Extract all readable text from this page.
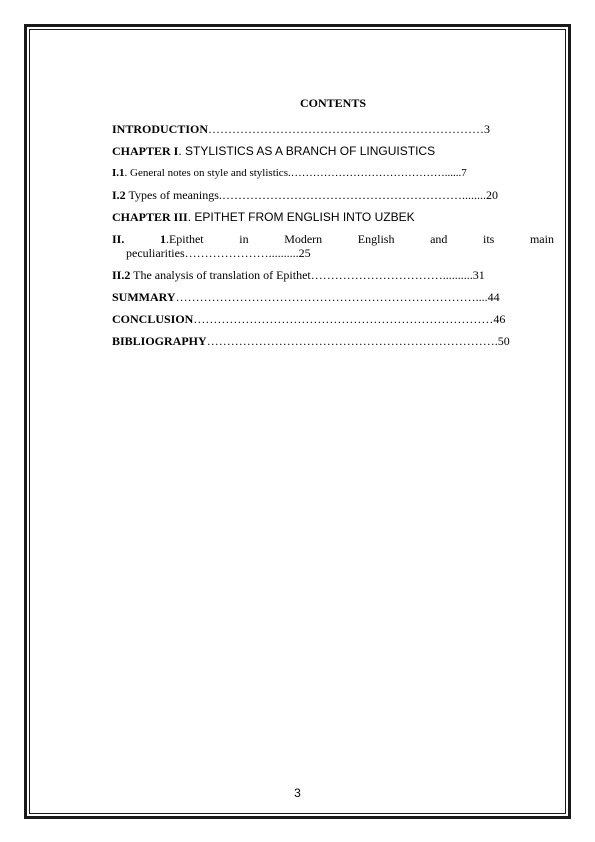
CONTENTS
INTRODUCTION……………………………………………………………3
CHAPTER I. STYLISTICS AS A BRANCH OF LINGUISTICS
I.1. General notes on style and stylistics.……………………………………......7
I.2 Types of meanings.……………………………………………………........20
CHAPTER III. EPITHET FROM ENGLISH INTO UZBEK
II.	1.Epithet	in	Modern	English	and	its	main
peculiarities…………………..........25
II.2 The analysis of translation of Epithet……………………………..........31
SUMMARY…………………………………………………………………....44
CONCLUSION…………………………………………………………………46
BIBLIOGRAPHY……………………………………………………………….50
3
